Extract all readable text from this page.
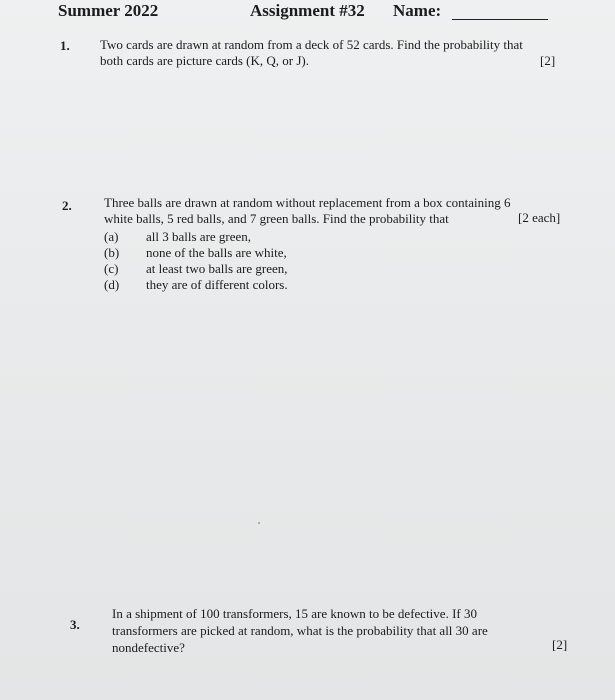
Summer 2022	Assignment #32 Name:
1. Two cards are drawn at random from a deck of 52 cards. Find the probability that
both cards are picture cards (K, Q, or J).	[2]
2. Three balls are drawn at random without replacement from a box containing 6
white balls, 5 red balls, and 7 green balls. Find the probability that	[2 each]
(a) all 3 balls are green,
(b) none of the balls are white,
(c) at least two balls are green,
(d) they are of different colors.
3.
In a shipment of 100 transformers, 15 are known to be defective. If 30
transformers are picked at random, what is the probability that all 30 are
nondefective?	[2]
